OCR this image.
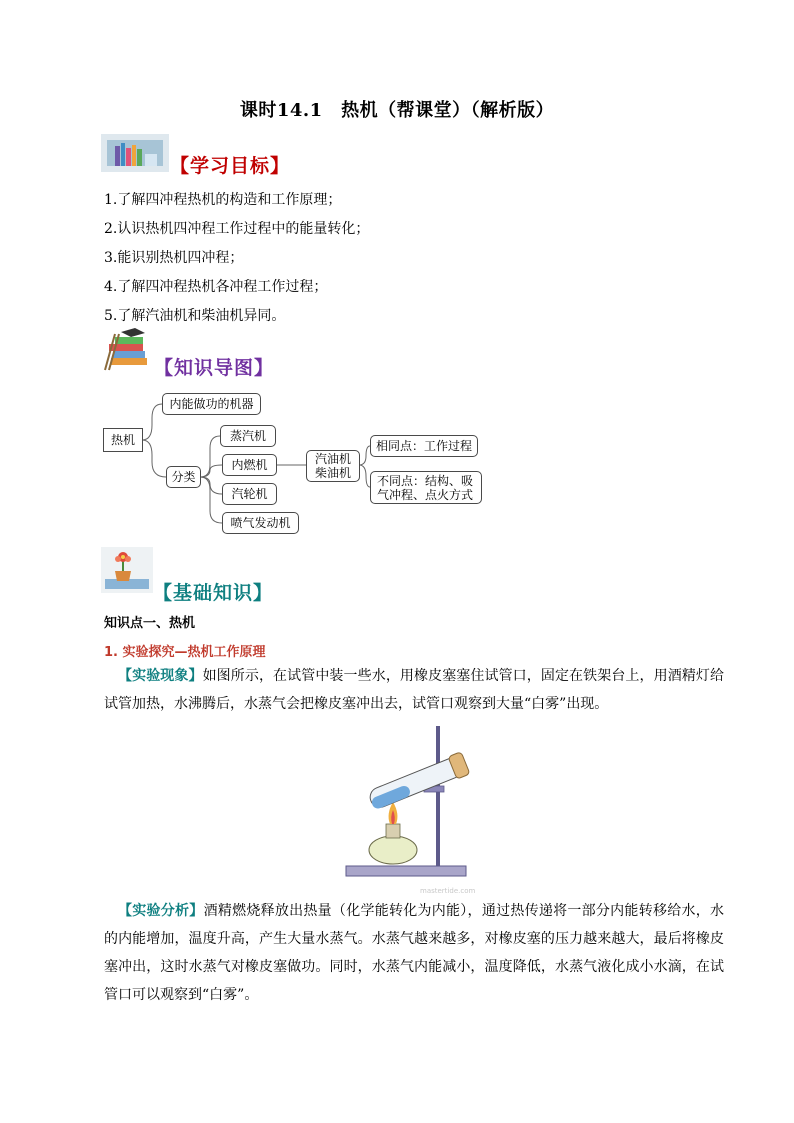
课时14.1　热机（帮课堂）（解析版）
【学习目标】
1.了解四冲程热机的构造和工作原理；
2.认识热机四冲程工作过程中的能量转化；
3.能识别热机四冲程；
4.了解四冲程热机各冲程工作过程；
5.了解汽油机和柴油机异同。
【知识导图】
热机
内能做功的机器
分类
蒸汽机
内燃机
汽轮机
喷气发动机
汽油机
柴油机
相同点：工作过程
不同点：结构、吸
气冲程、点火方式
【基础知识】
知识点一、热机
1. 实验探究—热机工作原理
【实验现象】如图所示，在试管中装一些水，用橡皮塞塞住试管口，固定在铁架台上，用酒精灯给试管加热，水沸腾后，水蒸气会把橡皮塞冲出去，试管口观察到大量“白雾”出现。
mastertide.com
【实验分析】酒精燃烧释放出热量（化学能转化为内能），通过热传递将一部分内能转移给水，水的内能增加，温度升高，产生大量水蒸气。水蒸气越来越多，对橡皮塞的压力越来越大，最后将橡皮塞冲出，这时水蒸气对橡皮塞做功。同时，水蒸气内能减小，温度降低，水蒸气液化成小水滴，在试管口可以观察到“白雾”。
